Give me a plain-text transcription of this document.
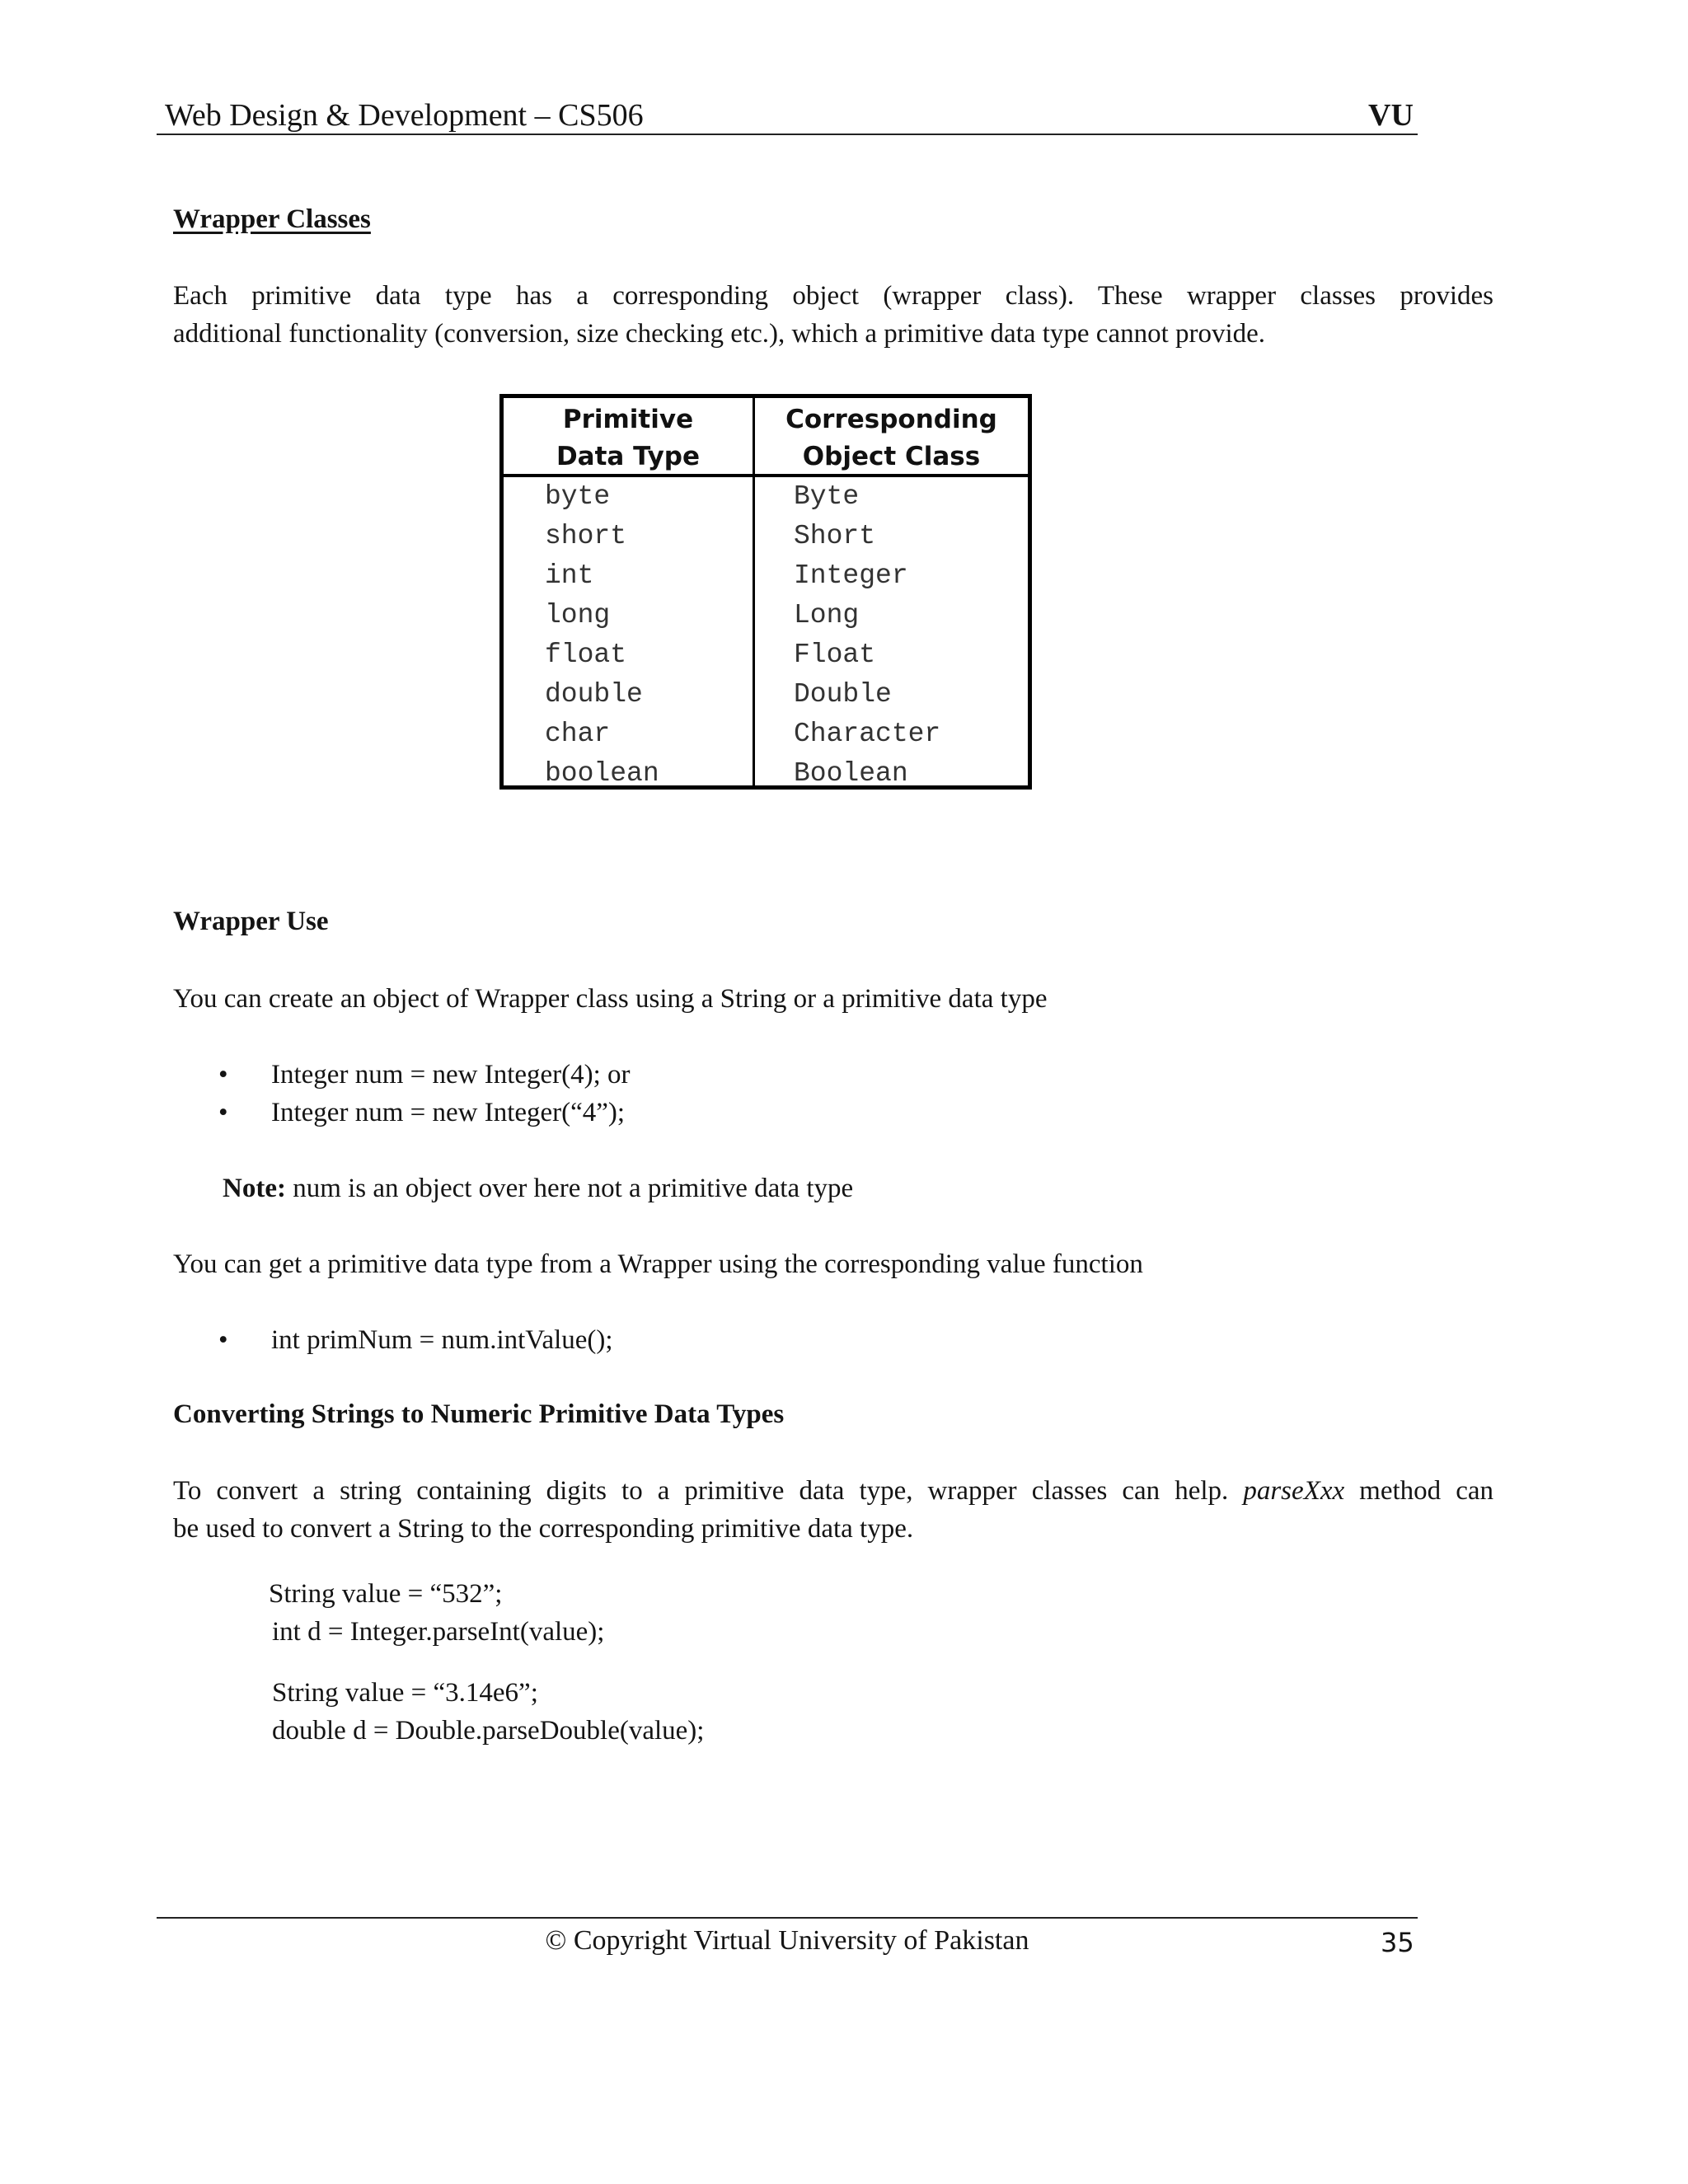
Web Design & Development – CS506	VU
Wrapper Classes
Each primitive data type has a corresponding object (wrapper class). These wrapper classes provides
additional functionality (conversion, size checking etc.), which a primitive data type cannot provide.
Primitive
Data Type
Corresponding
Object Class
byte
short
int
long
float
double
char
boolean
Byte
Short
Integer
Long
Float
Double
Character
Boolean
Wrapper Use
You can create an object of Wrapper class using a String or a primitive data type
• Integer num = new Integer(4); or
• Integer num = new Integer(“4”);
Note: num is an object over here not a primitive data type
You can get a primitive data type from a Wrapper using the corresponding value function
• int primNum = num.intValue();
Converting Strings to Numeric Primitive Data Types
To convert a string containing digits to a primitive data type, wrapper classes can help. parseXxx method can
be used to convert a String to the corresponding primitive data type.
String value = “532”;
int d = Integer.parseInt(value);
String value = “3.14e6”;
double d = Double.parseDouble(value);
© Copyright Virtual University of Pakistan	35
